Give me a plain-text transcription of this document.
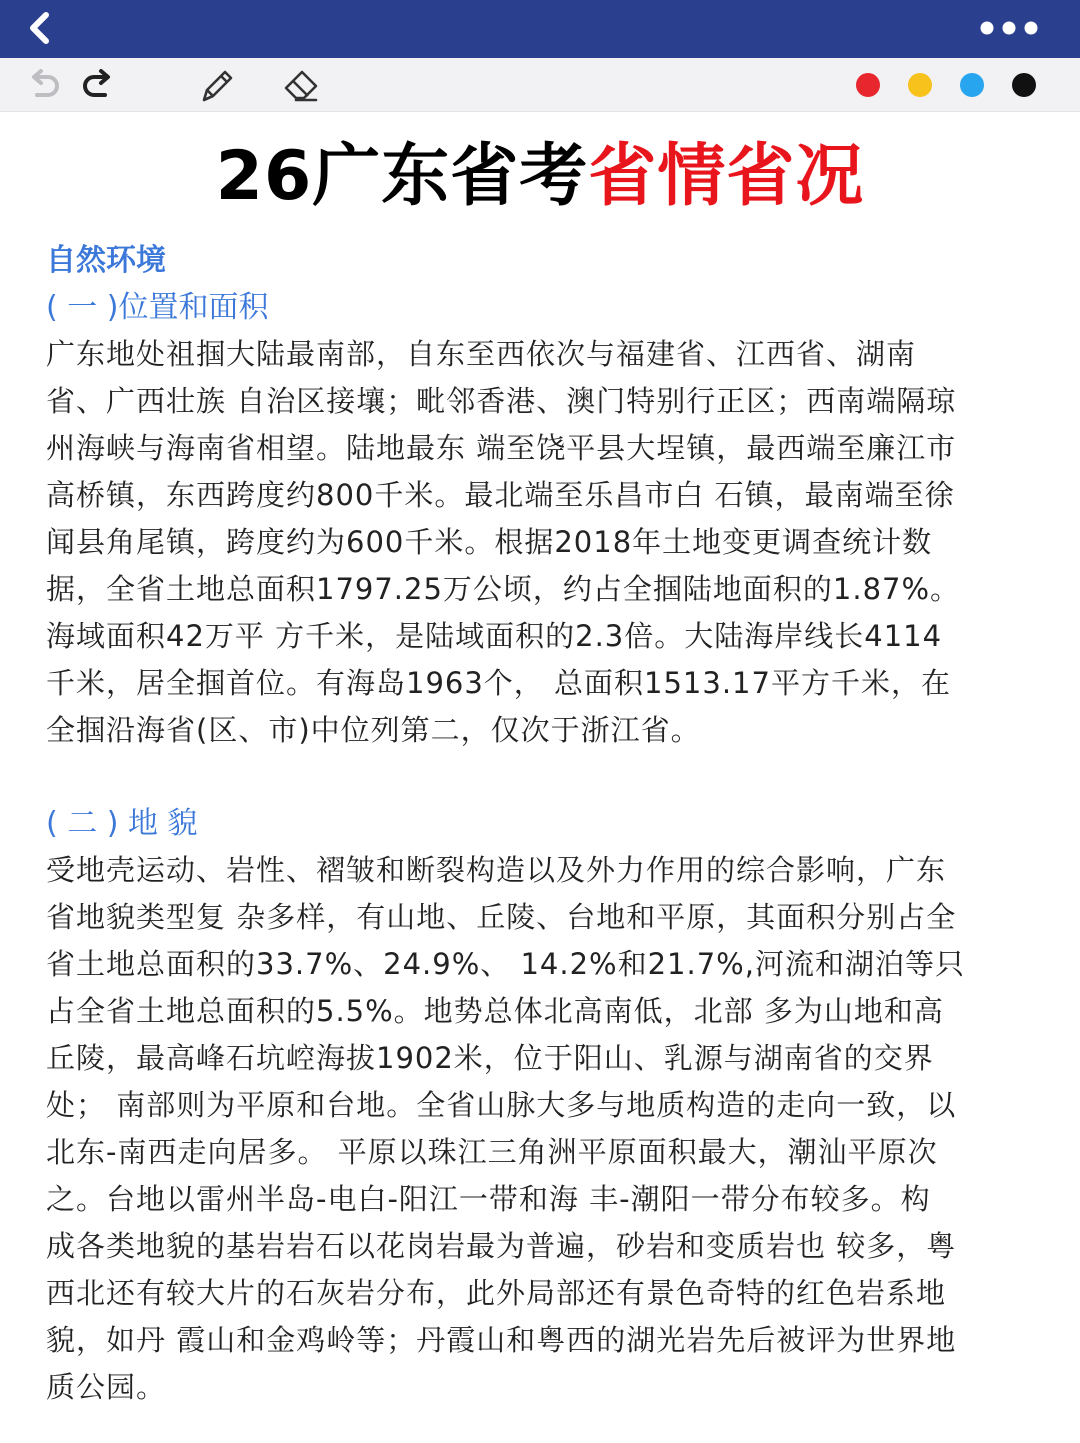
26广东省考省情省况
自然环境
( 一 )位置和面积
广东地处祖掴大陆最南部，自东至西依次与福建省、江西省、湖南
省、广西壮族 自治区接壤；毗邻香港、澳门特别行正区；西南端隔琼
州海峡与海南省相望。陆地最东 端至饶平县大埕镇，最西端至廉江市
高桥镇，东西跨度约800千米。最北端至乐昌市白 石镇，最南端至徐
闻县角尾镇，跨度约为600千米。根据2018年土地变更调查统计数
据，全省土地总面积1797.25万公顷，约占全掴陆地面积的1.87%。
海域面积42万平 方千米，是陆域面积的2.3倍。大陆海岸线长4114
千米，居全掴首位。有海岛1963个， 总面积1513.17平方千米，在
全掴沿海省(区、市)中位列第二，仅次于浙江省。
( 二 ) 地 貌
受地壳运动、岩性、褶皱和断裂构造以及外力作用的综合影响，广东
省地貌类型复 杂多样，有山地、丘陵、台地和平原，其面积分别占全
省土地总面积的33.7%、24.9%、 14.2%和21.7%,河流和湖泊等只
占全省土地总面积的5.5%。地势总体北高南低，北部 多为山地和高
丘陵，最高峰石坑崆海拔1902米，位于阳山、乳源与湖南省的交界
处； 南部则为平原和台地。全省山脉大多与地质构造的走向一致，以
北东-南西走向居多。 平原以珠江三角洲平原面积最大，潮汕平原次
之。台地以雷州半岛-电白-阳江一带和海 丰-潮阳一带分布较多。构
成各类地貌的基岩岩石以花岗岩最为普遍，砂岩和变质岩也 较多，粤
西北还有较大片的石灰岩分布，此外局部还有景色奇特的红色岩系地
貌，如丹 霞山和金鸡岭等；丹霞山和粤西的湖光岩先后被评为世界地
质公园。
